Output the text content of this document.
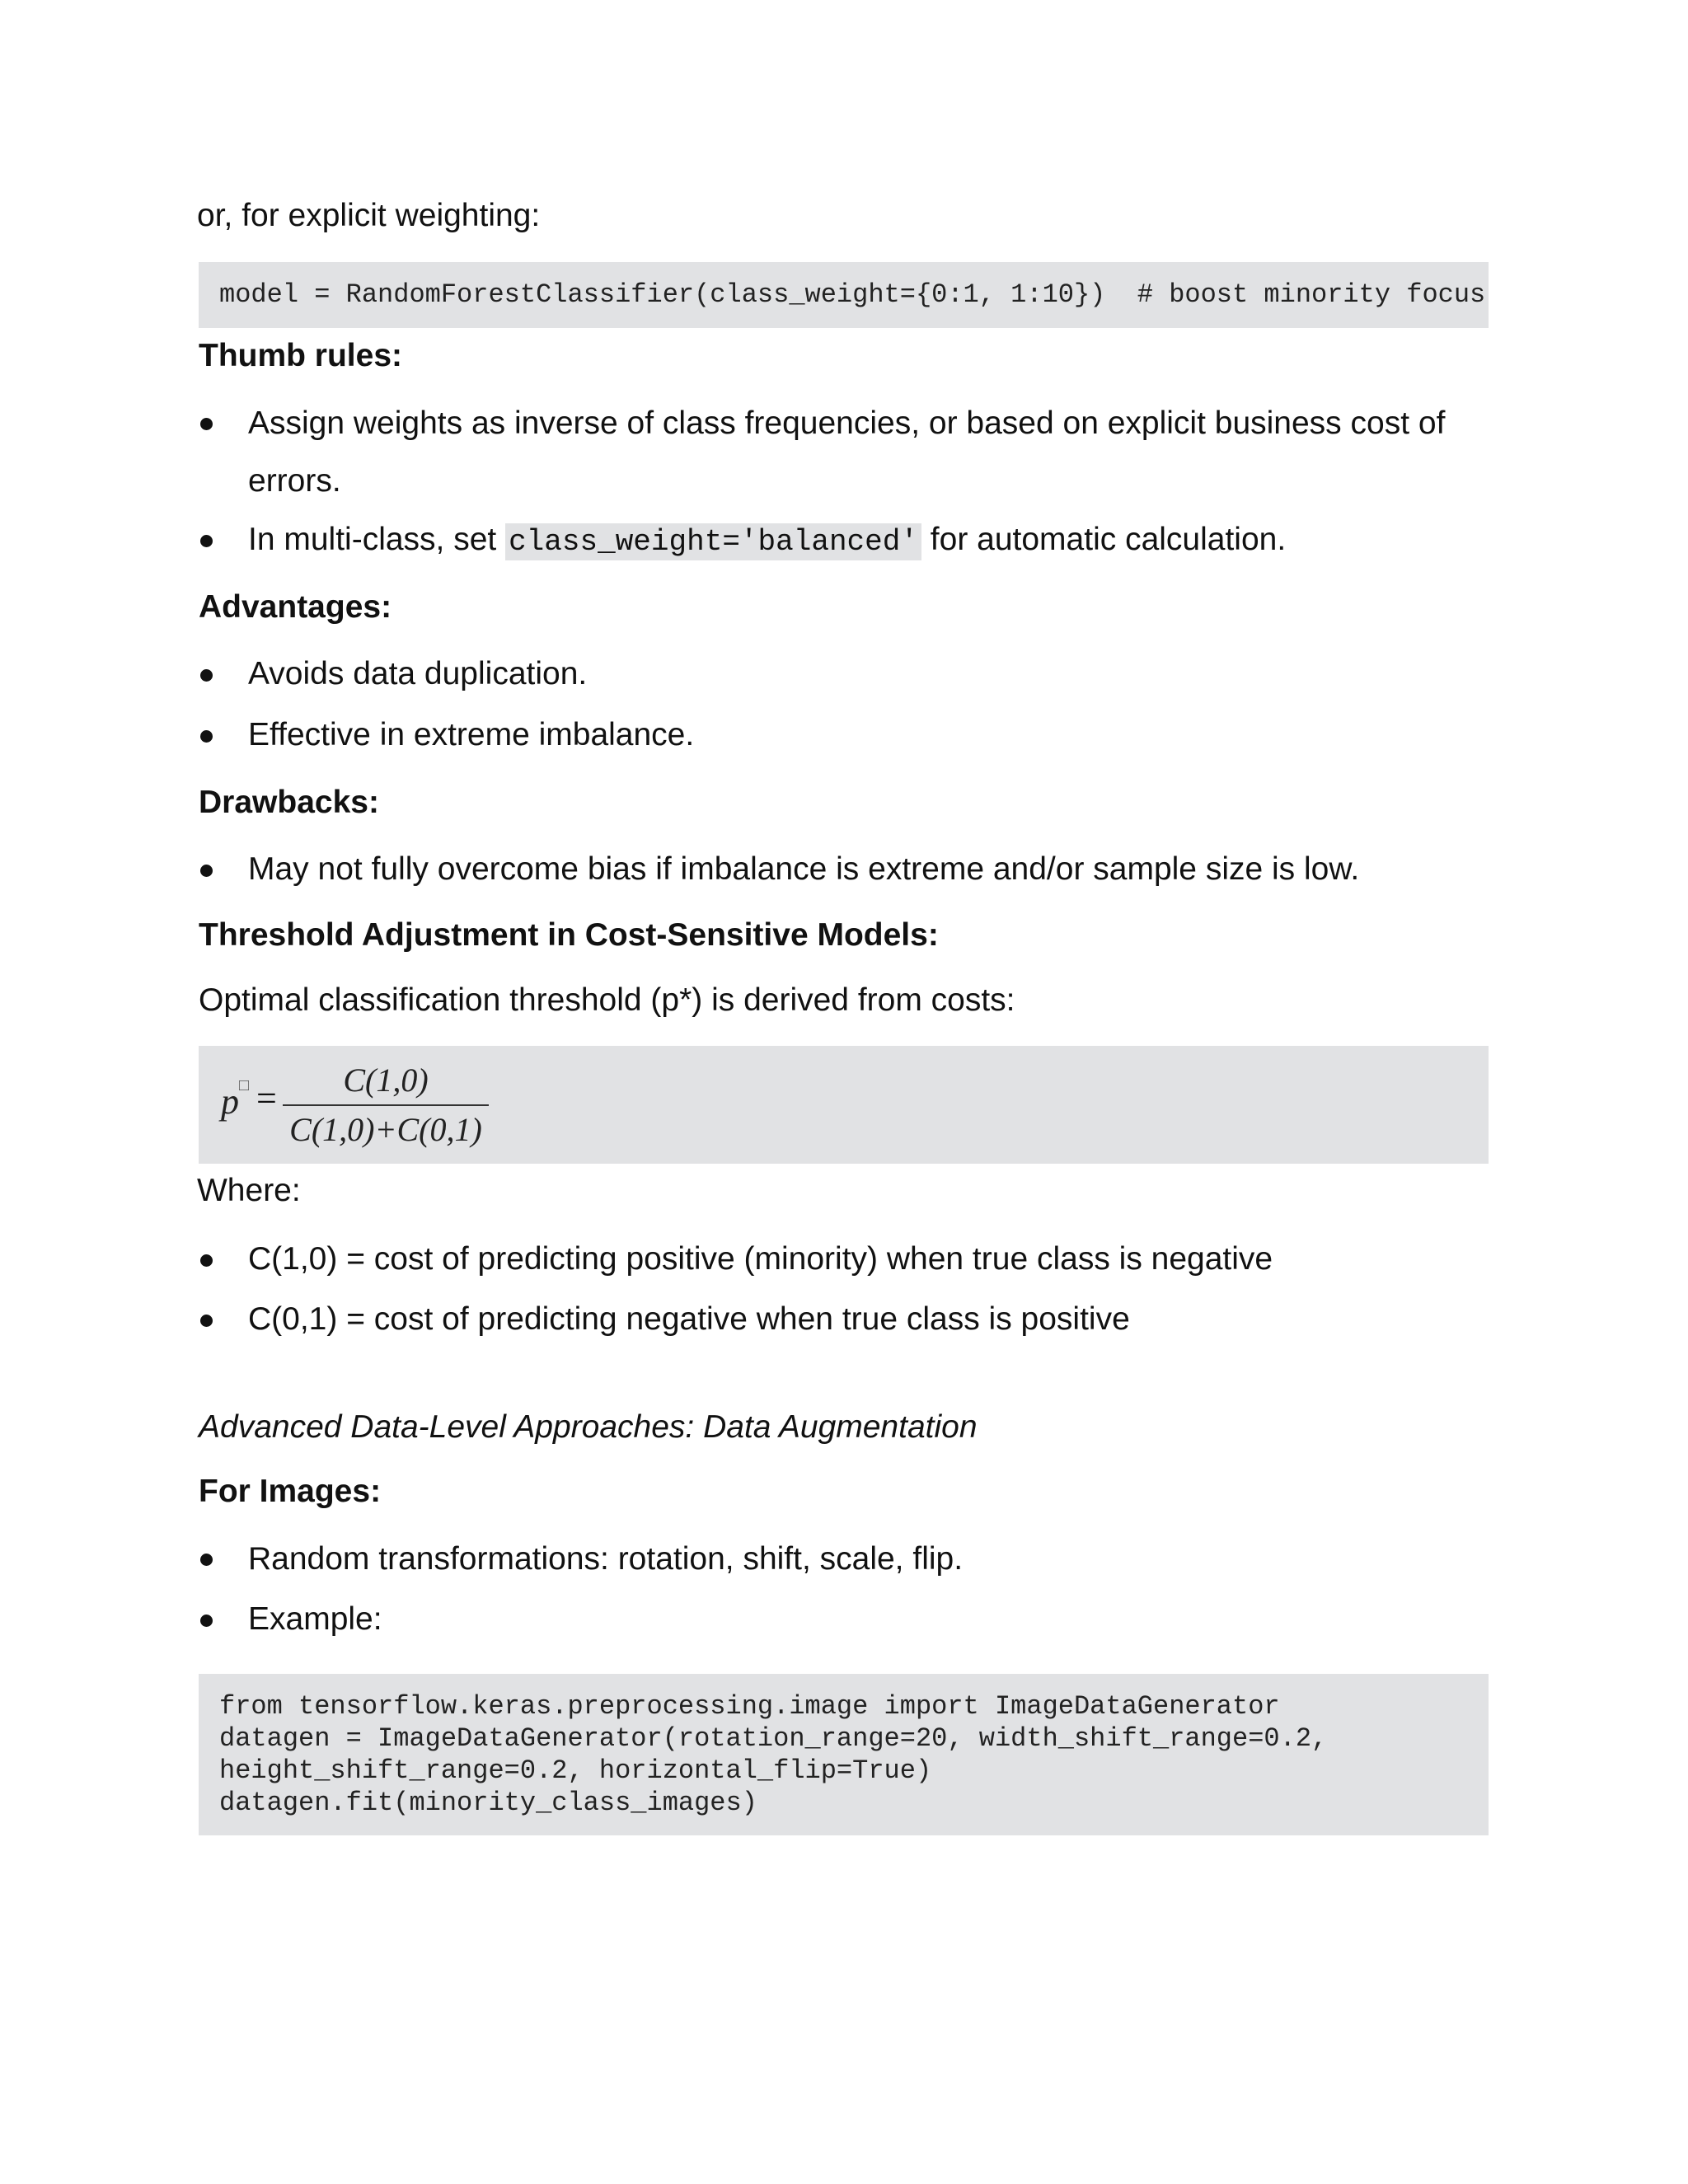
or, for explicit weighting:
model = RandomForestClassifier(class_weight={0:1, 1:10})  # boost minority focus
Thumb rules:
Assign weights as inverse of class frequencies, or based on explicit business cost of
errors.
In multi-class, set class_weight='balanced' for automatic calculation.
Advantages:
Avoids data duplication.
Effective in extreme imbalance.
Drawbacks:
May not fully overcome bias if imbalance is extreme and/or sample size is low.
Threshold Adjustment in Cost-Sensitive Models:
Optimal classification threshold (p*) is derived from costs:
p □ =	C(1,0)
C(1,0)+C(0,1)
Where:
C(1,0) = cost of predicting positive (minority) when true class is negative
C(0,1) = cost of predicting negative when true class is positive
Advanced Data-Level Approaches: Data Augmentation
For Images:
Random transformations: rotation, shift, scale, flip.
Example:
from tensorflow.keras.preprocessing.image import ImageDataGenerator
datagen = ImageDataGenerator(rotation_range=20, width_shift_range=0.2,
height_shift_range=0.2, horizontal_flip=True)
datagen.fit(minority_class_images)
